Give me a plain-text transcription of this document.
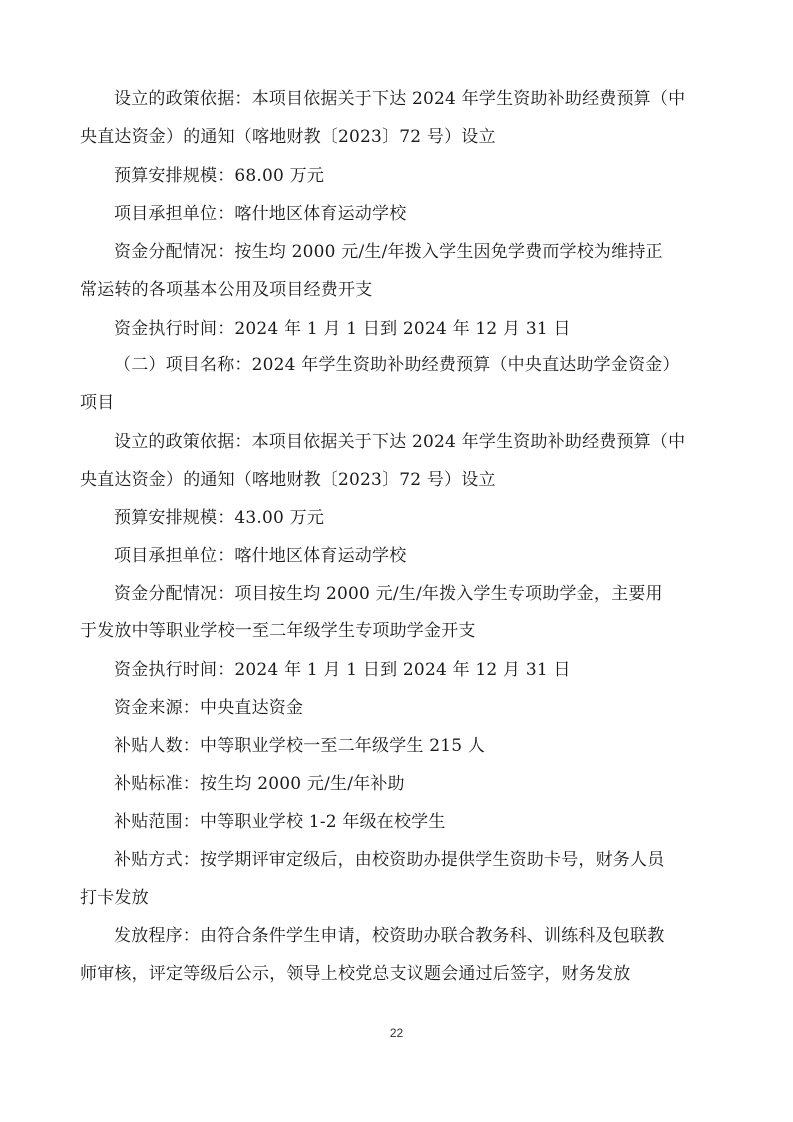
设立的政策依据：本项目依据关于下达 2024 年学生资助补助经费预算（中
央直达资金）的通知（喀地财教〔2023〕72 号）设立
预算安排规模：68.00 万元
项目承担单位：喀什地区体育运动学校
资金分配情况：按生均 2000 元/生/年拨入学生因免学费而学校为维持正
常运转的各项基本公用及项目经费开支
资金执行时间：2024 年 1 月 1 日到 2024 年 12 月 31 日
（二）项目名称：2024 年学生资助补助经费预算（中央直达助学金资金）
项目
设立的政策依据：本项目依据关于下达 2024 年学生资助补助经费预算（中
央直达资金）的通知（喀地财教〔2023〕72 号）设立
预算安排规模：43.00 万元
项目承担单位：喀什地区体育运动学校
资金分配情况：项目按生均 2000 元/生/年拨入学生专项助学金，主要用
于发放中等职业学校一至二年级学生专项助学金开支
资金执行时间：2024 年 1 月 1 日到 2024 年 12 月 31 日
资金来源：中央直达资金
补贴人数：中等职业学校一至二年级学生 215 人
补贴标准：按生均 2000 元/生/年补助
补贴范围：中等职业学校 1-2 年级在校学生
补贴方式：按学期评审定级后，由校资助办提供学生资助卡号，财务人员
打卡发放
发放程序：由符合条件学生申请，校资助办联合教务科、训练科及包联教
师审核，评定等级后公示，领导上校党总支议题会通过后签字，财务发放
22
